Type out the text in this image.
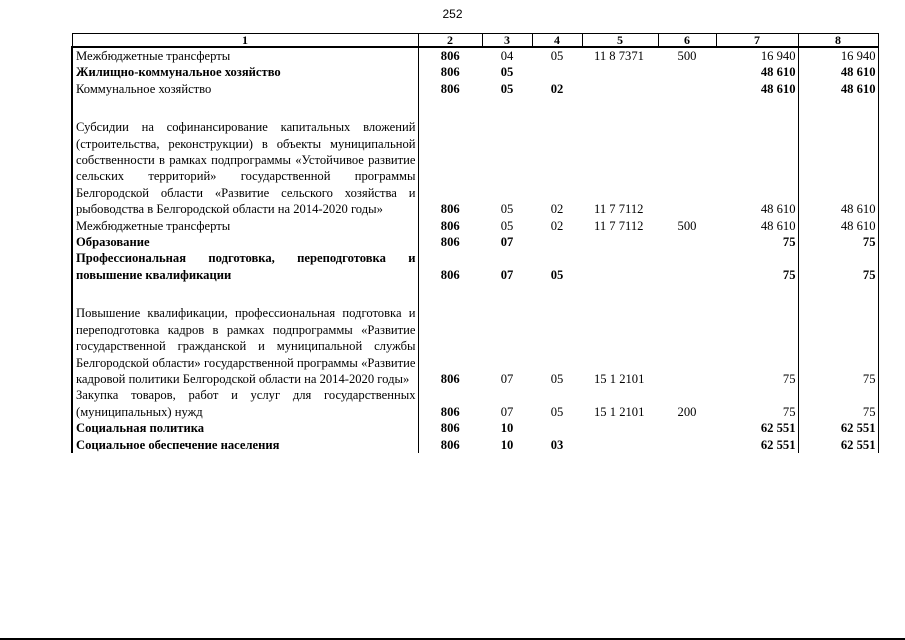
252
1	2	3	4	5	6	7	8
Межбюджетные трансферты	806	04	05	11 8 7371	500	16 940	16 940
Жилищно-коммунальное хозяйство	806	05				48 610	48 610
Коммунальное хозяйство	806	05	02			48 610	48 610

Субсидии на софинансирование капитальных вложений (строительства, реконструкции) в объекты муниципальной собственности в рамках подпрограммы «Устойчивое развитие сельских территорий» государственной программы Белгородской области «Развитие сельского хозяйства и рыбоводства в Белгородской области на 2014-2020 годы»	806	05	02	11 7 7112		48 610	48 610
Межбюджетные трансферты	806	05	02	11 7 7112	500	48 610	48 610
Образование	806	07				75	75
Профессиональная подготовка, переподготовка и повышение квалификации	806	07	05			75	75

Повышение квалификации, профессиональная подготовка и переподготовка кадров в рамках подпрограммы «Развитие государственной гражданской и муниципальной службы Белгородской области» государственной программы «Развитие кадровой политики Белгородской области на 2014-2020 годы»	806	07	05	15 1 2101		75	75
Закупка товаров, работ и услуг для государственных (муниципальных) нужд	806	07	05	15 1 2101	200	75	75
Социальная политика	806	10				62 551	62 551
Социальное обеспечение населения	806	10	03			62 551	62 551
